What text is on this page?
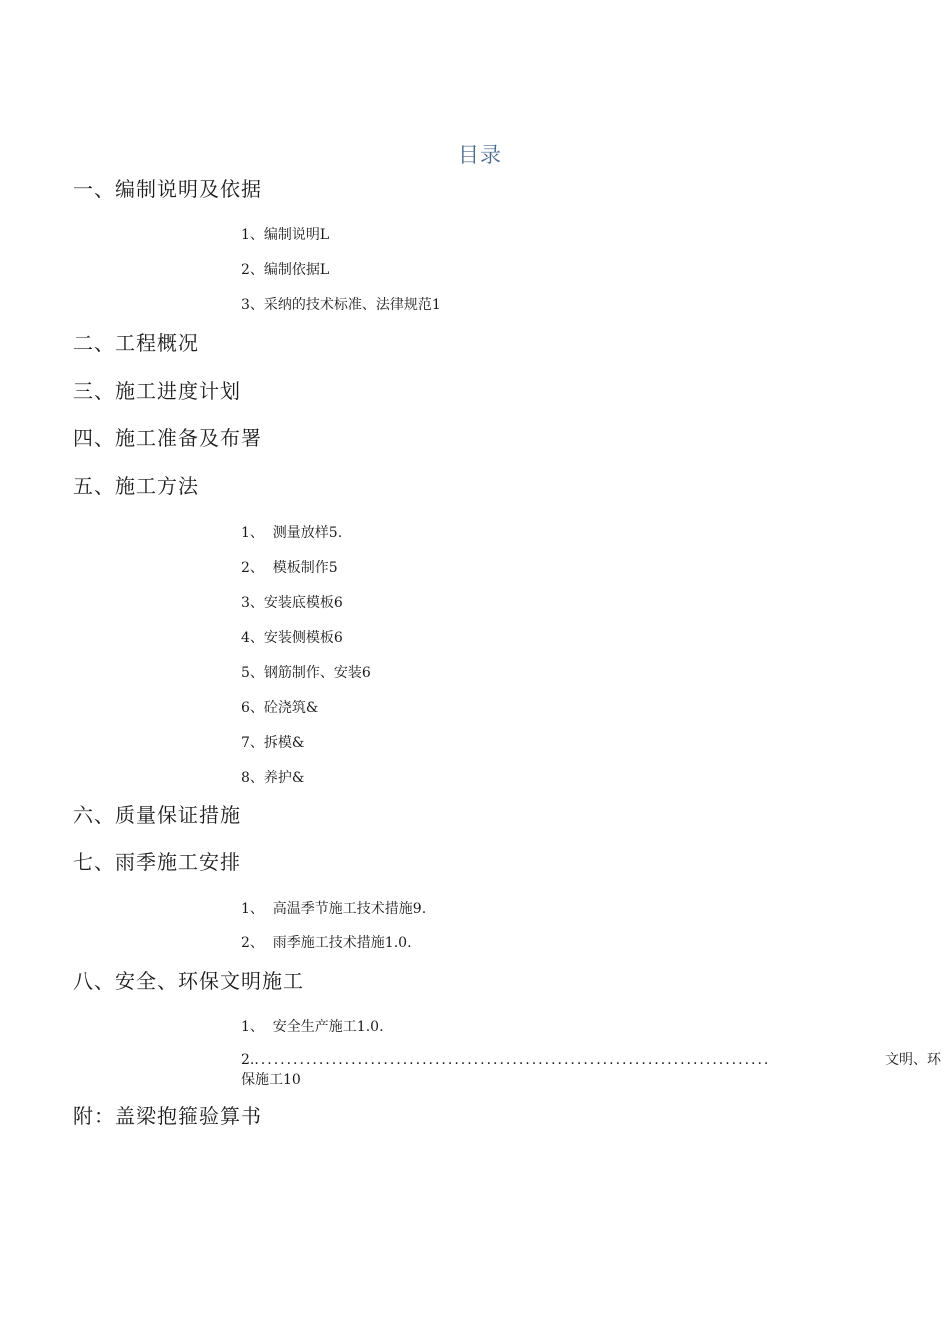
目录
一、编制说明及依据
1、编制说明L
2、编制依据L
3、采纳的技术标准、法律规范1
二、工程概况
三、施工进度计划
四、施工准备及布署
五、施工方法
1、  测量放样5.
2、  模板制作5
3、安装底模板6
4、安装侧模板6
5、钢筋制作、安装6
6、砼浇筑&
7、拆模&
8、养护&
六、质量保证措施
七、雨季施工安排
1、  高温季节施工技术措施9.
2、  雨季施工技术措施1.0.
八、安全、环保文明施工
1、  安全生产施工1.0.
2. ................................................................................	文明、环
保施工10
附：盖梁抱箍验算书
